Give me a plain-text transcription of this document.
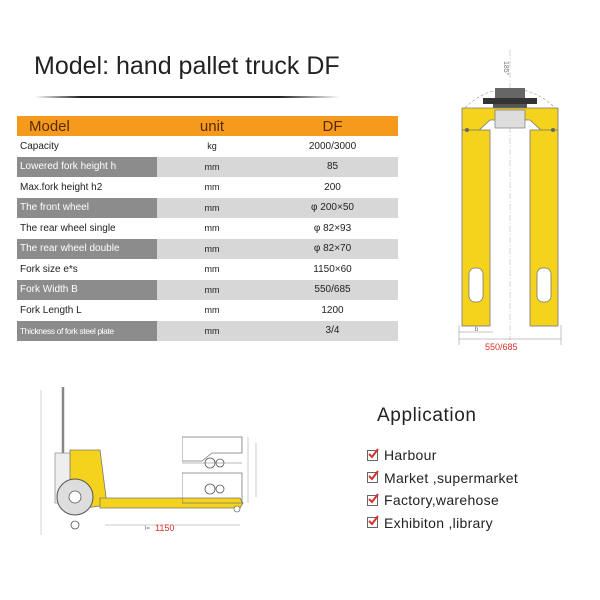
Model: hand pallet truck DF
Model	unit	DF
Capacity	kg	2000/3000
Lowered fork height h	mm	85
Max.fork height h2	mm	200
The front wheel	mm	φ 200×50
The rear wheel single	mm	φ 82×93
The rear wheel double	mm	φ 82×70
Fork size e*s	mm	1150×60
Fork Width B	mm	550/685
Fork Length L	mm	1200
Thickness of fork steel plate	mm	3/4
185°
b
550/685
l= 1150
Application
Harbour
Market ,supermarket
Factory,warehose
Exhibiton ,library
